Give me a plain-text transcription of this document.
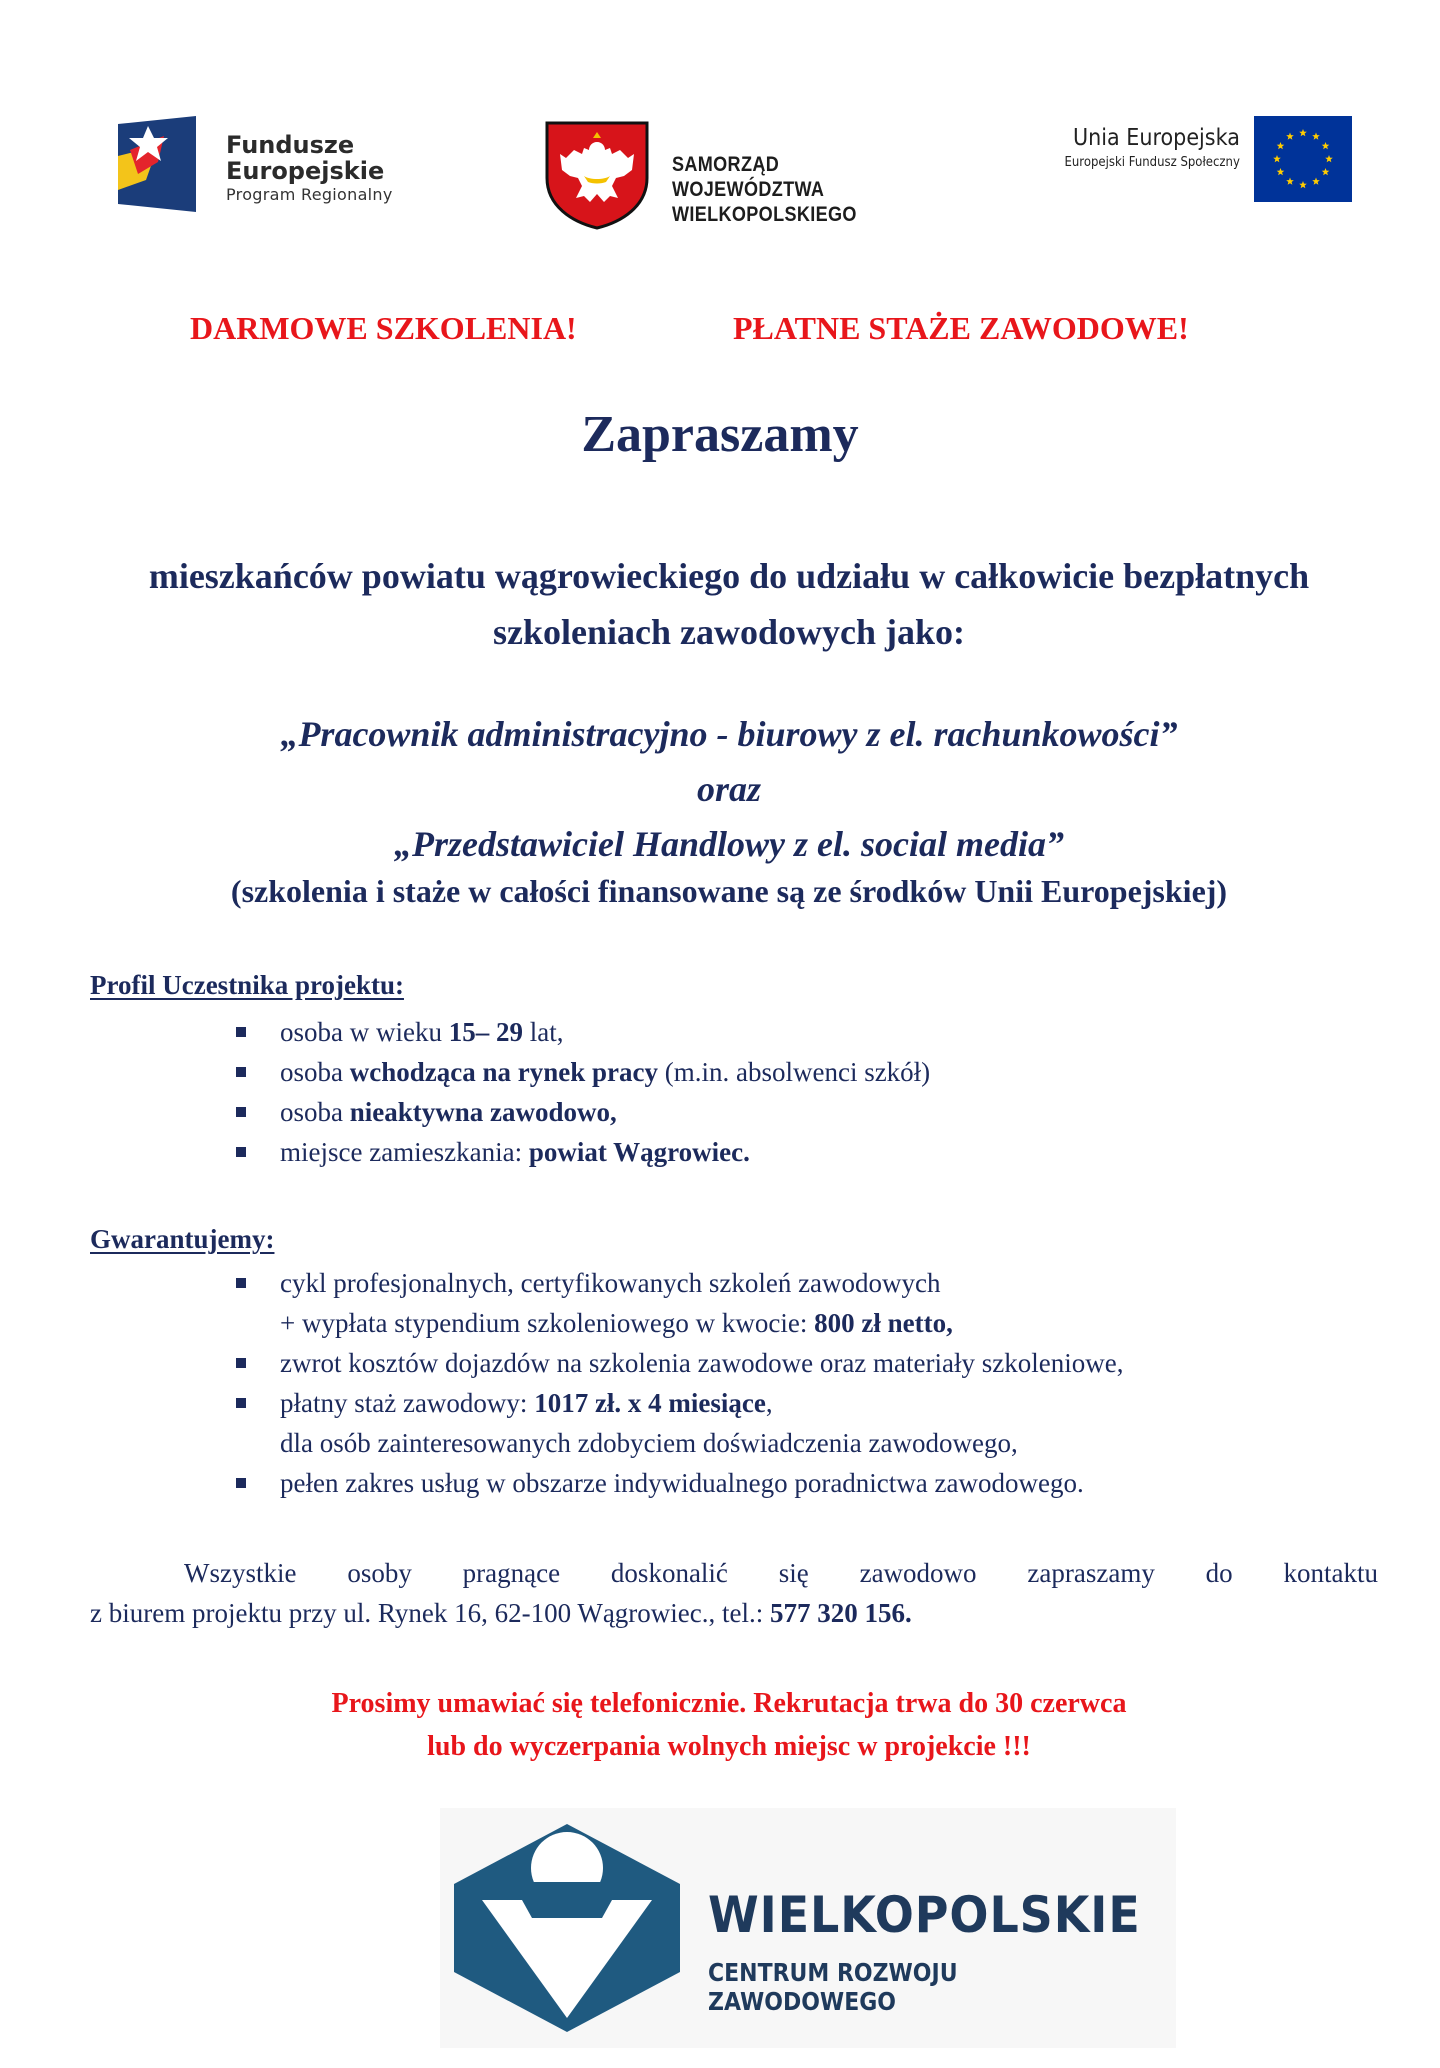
Fundusze
Europejskie
Program Regionalny
SAMORZĄD WOJEWÓDZTWA
WIELKOPOLSKIEGO
Unia Europejska
Europejski Fundusz Społeczny
DARMOWE SZKOLENIA!	PŁATNE STAŻE ZAWODOWE!
Zapraszamy
mieszkańców powiatu wągrowieckiego do udziału w całkowicie bezpłatnych szkoleniach zawodowych jako:
„Pracownik administracyjno - biurowy z el. rachunkowości”
oraz
„Przedstawiciel Handlowy z el. social media”
(szkolenia i staże w całości finansowane są ze środków Unii Europejskiej)
Profil Uczestnika projektu:
osoba w wieku 15– 29 lat,
osoba wchodząca na rynek pracy (m.in. absolwenci szkół)
osoba nieaktywna zawodowo,
miejsce zamieszkania: powiat Wągrowiec.
Gwarantujemy:
cykl profesjonalnych, certyfikowanych szkoleń zawodowych
+ wypłata stypendium szkoleniowego w kwocie: 800 zł netto,
zwrot kosztów dojazdów na szkolenia zawodowe oraz materiały szkoleniowe,
płatny staż zawodowy: 1017 zł. x 4 miesiące,
dla osób zainteresowanych zdobyciem doświadczenia zawodowego,
pełen zakres usług w obszarze indywidualnego poradnictwa zawodowego.
Wszystkie osoby pragnące doskonalić się zawodowo zapraszamy do kontaktu
z biurem projektu przy ul. Rynek 16, 62-100 Wągrowiec., tel.: 577 320 156.
Prosimy umawiać się telefonicznie. Rekrutacja trwa do 30 czerwca
lub do wyczerpania wolnych miejsc w projekcie !!!
WIELKOPOLSKIE
CENTRUM ROZWOJU ZAWODOWEGO
